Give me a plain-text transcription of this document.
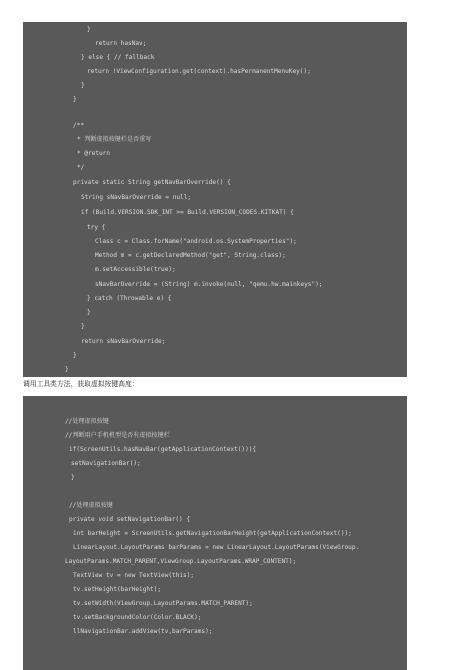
}
return hasNav;
} else { // fallback
return !ViewConfiguration.get(context).hasPermanentMenuKey();
}
}
/**
* 判断虚拟按键栏是否重写
* @return
*/
private static String getNavBarOverride() {
String sNavBarOverride = null;
if (Build.VERSION.SDK_INT >= Build.VERSION_CODES.KITKAT) {
try {
Class c = Class.forName("android.os.SystemProperties");
Method m = c.getDeclaredMethod("get", String.class);
m.setAccessible(true);
sNavBarOverride = (String) m.invoke(null, "qemu.hw.mainkeys");
} catch (Throwable e) {
}
}
return sNavBarOverride;
}
}
调用工具类方法，获取虚拟按键高度：
//处理虚拟按键
//判断用户手机机型是否有虚拟按键栏
if(ScreenUtils.hasNavBar(getApplicationContext())){
setNavigationBar();
}
//处理虚拟按键
private void setNavigationBar() {
int barHeight = ScreenUtils.getNavigationBarHeight(getApplicationContext());
LinearLayout.LayoutParams barParams = new LinearLayout.LayoutParams(ViewGroup.
LayoutParams.MATCH_PARENT,ViewGroup.LayoutParams.WRAP_CONTENT);
TextView tv = new TextView(this);
tv.setHeight(barHeight);
tv.setWidth(ViewGroup.LayoutParams.MATCH_PARENT);
tv.setBackgroundColor(Color.BLACK);
llNavigationBar.addView(tv,barParams);
